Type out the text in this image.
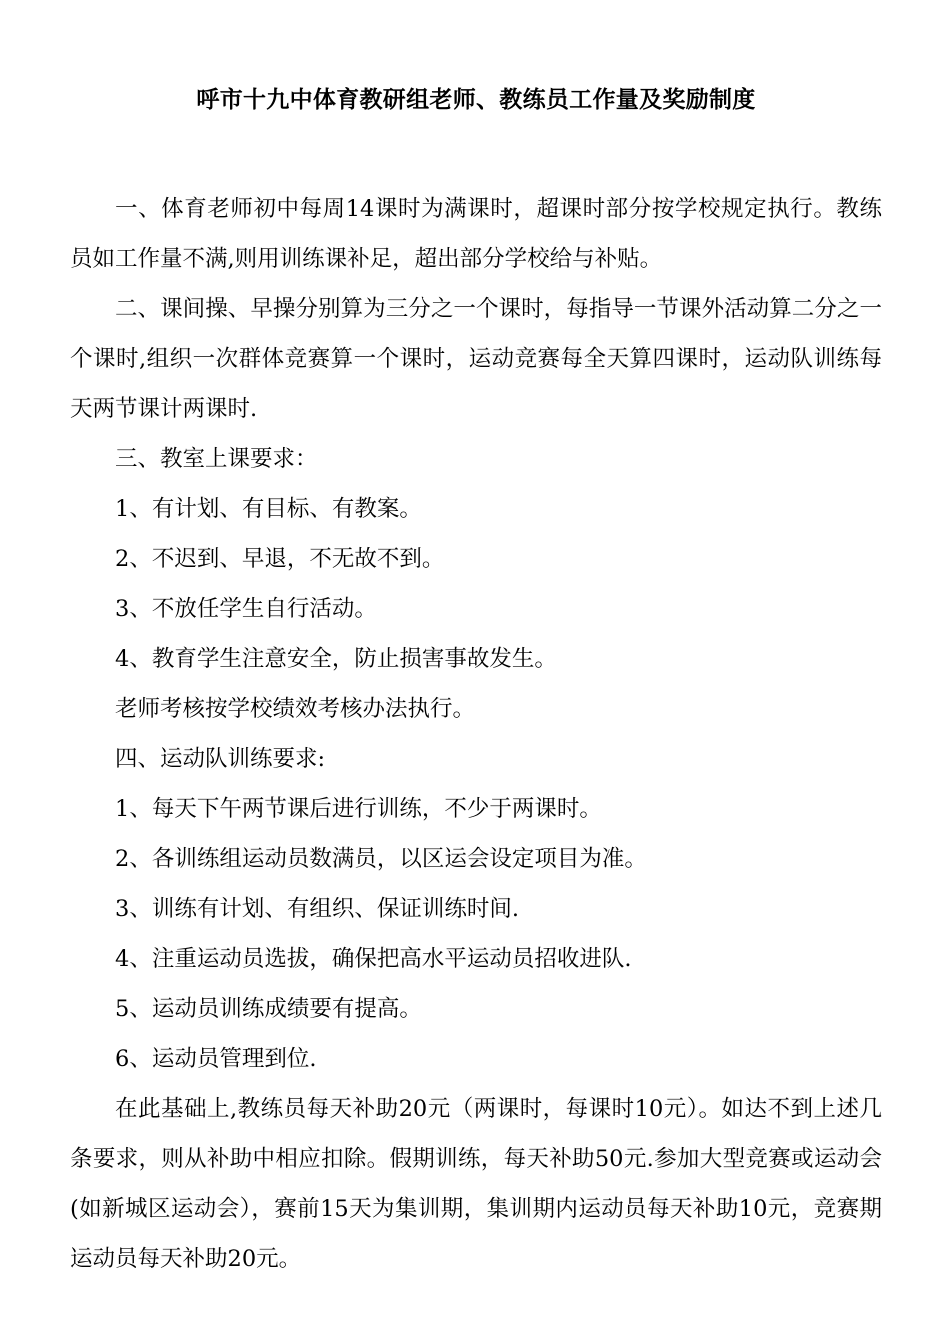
呼市十九中体育教研组老师、教练员工作量及奖励制度

一、体育老师初中每周14课时为满课时，超课时部分按学校规定执行。教练员如工作量不满,则用训练课补足，超出部分学校给与补贴。

二、课间操、早操分别算为三分之一个课时，每指导一节课外活动算二分之一个课时,组织一次群体竞赛算一个课时，运动竞赛每全天算四课时，运动队训练每天两节课计两课时.

三、教室上课要求：

1、有计划、有目标、有教案。

2、不迟到、早退，不无故不到。

3、不放任学生自行活动。

4、教育学生注意安全，防止损害事故发生。

老师考核按学校绩效考核办法执行。

四、运动队训练要求:

1、每天下午两节课后进行训练，不少于两课时。

2、各训练组运动员数满员，以区运会设定项目为准。

3、训练有计划、有组织、保证训练时间.

4、注重运动员选拔，确保把高水平运动员招收进队.

5、运动员训练成绩要有提高。

6、运动员管理到位.

在此基础上,教练员每天补助20元（两课时，每课时10元）。如达不到上述几条要求，则从补助中相应扣除。假期训练，每天补助50元.参加大型竞赛或运动会(如新城区运动会），赛前15天为集训期，集训期内运动员每天补助10元，竞赛期运动员每天补助20元。
